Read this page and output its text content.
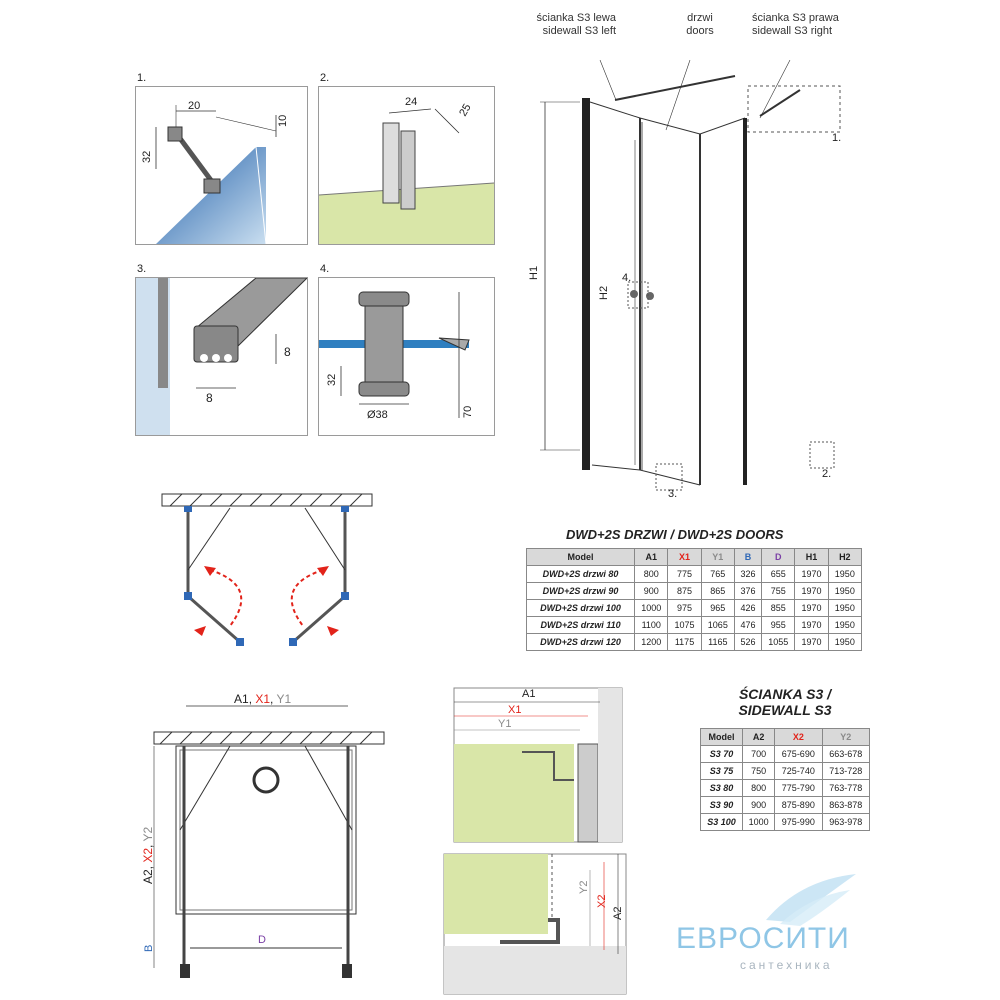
ścianka S3 lewa
sidewall S3 left
drzwi
doors
ścianka S3 prawa
sidewall S3 right
1.	2.
3.	4.
20
10
32
24	25
8
8
32
70
Ø38
H1
H2
1.
2.
3.
4.
DWD+2S DRZWI / DWD+2S DOORS
Model	A1	X1	Y1	B	D	H1	H2
DWD+2S drzwi 80	800	775	765	326	655	1970	1950
DWD+2S drzwi 90	900	875	865	376	755	1970	1950
DWD+2S drzwi 100	1000	975	965	426	855	1970	1950
DWD+2S drzwi 110	1100	1075	1065	476	955	1970	1950
DWD+2S drzwi 120	1200	1175	1165	526	1055	1970	1950
A1, X1, Y1
A2, X2, Y2
B
D
A1
X1
Y1
Y2
X2
A2
ŚCIANKA S3 /
SIDEWALL S3
Model	A2	X2	Y2
S3 70	700	675-690	663-678
S3 75	750	725-740	713-728
S3 80	800	775-790	763-778
S3 90	900	875-890	863-878
S3 100	1000	975-990	963-978
ЕВРОСИТИ
сантехника
